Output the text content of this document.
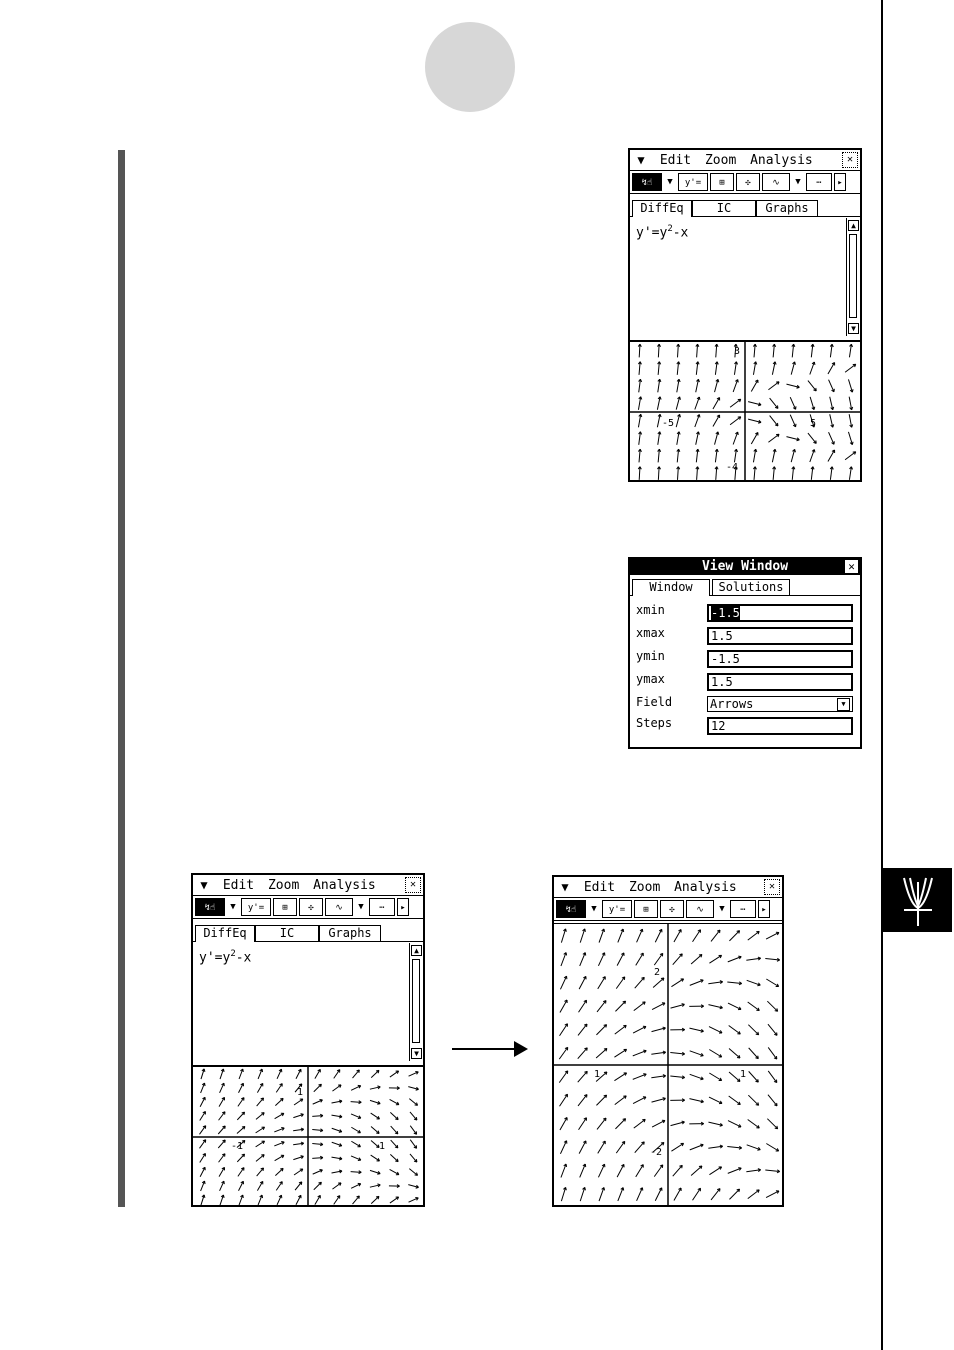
▼ Edit Zoom Analysis	✕
↯☝	▼	y'=	⊞	✣	∿	▼	⋯	▸
DiffEq	IC	Graphs
$y'=y^2-x$	▲
▼
3
-4
-5	5
View Window	✕
Window	Solutions
xmin	-1.5
xmax	1.5
ymin	-1.5
ymax	1.5
Field	Arrows	▼
Steps	12
▼ Edit Zoom Analysis	✕
↯☝	▼	y'=	⊞	✣	∿	▼	⋯	▸
DiffEq	IC	Graphs
$y'=y^2-x$	▲
▼
1
-1	1
▼ Edit Zoom Analysis	✕
↯☝	▼	y'=	⊞	✣	∿	▼	⋯	▸
2
-2
1	1
